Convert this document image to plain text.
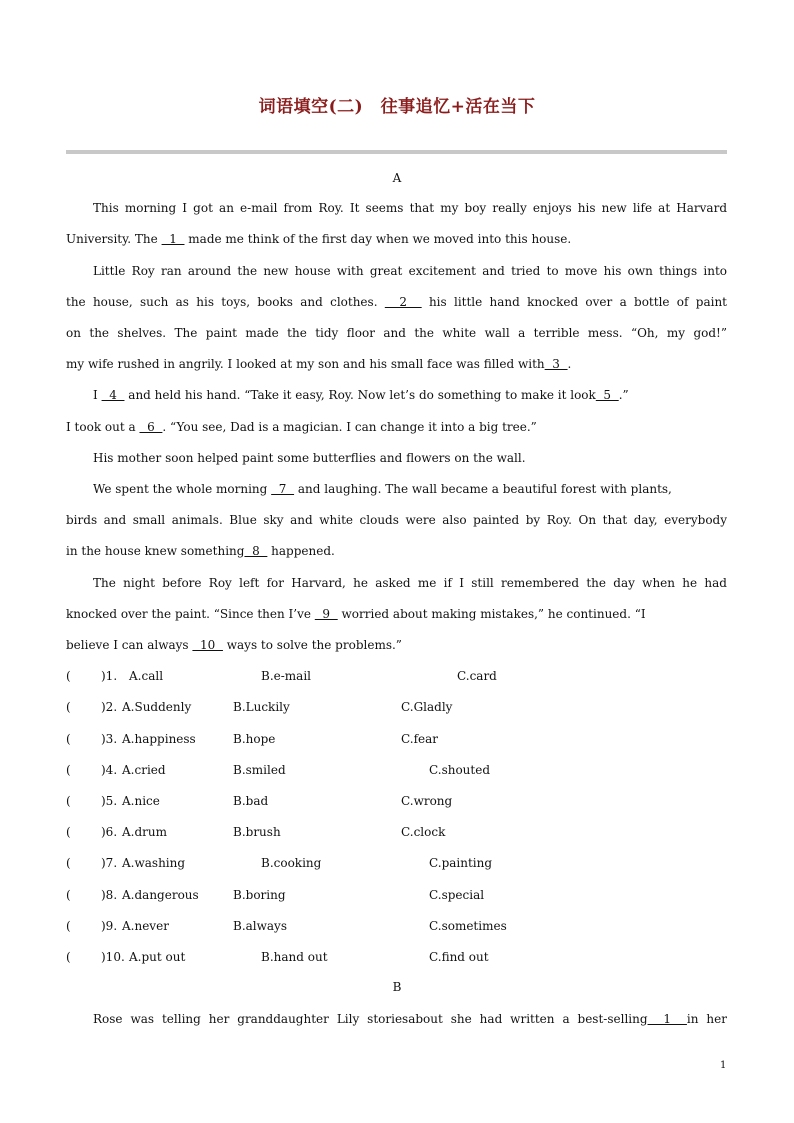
词语填空(二)　往事追忆+活在当下
A
This morning I got an e-mail from Roy. It seems that my boy really enjoys his new life at Harvard
University. The   1   made me think of the first day when we moved into this house.
Little Roy ran around the new house with great excitement and tried to move his own things into
the house, such as his toys, books and clothes.   2   his little hand knocked over a bottle of paint
on the shelves. The paint made the tidy floor and the white wall a terrible mess. “Oh, my god!”
my wife rushed in angrily. I looked at my son and his small face was filled with  3  .
I   4   and held his hand. “Take it easy, Roy. Now let’s do something to make it look  5  .”
I took out a   6  . “You see, Dad is a magician. I can change it into a big tree.”
His mother soon helped paint some butterflies and flowers on the wall.
We spent the whole morning   7   and laughing. The wall became a beautiful forest with plants,
birds and small animals. Blue sky and white clouds were also painted by Roy. On that day, everybody
in the house knew something  8   happened.
The night before Roy left for Harvard, he asked me if I still remembered the day when he had
knocked over the paint. “Since then I’ve   9   worried about making mistakes,” he continued. “I
believe I can always   10   ways to solve the problems.”
(	)1. A.call	B.e-mail	C.card
(	)2. A.Suddenly	B.Luckily	C.Gladly
(	)3. A.happiness	B.hope	C.fear
(	)4. A.cried	B.smiled	C.shouted
(	)5. A.nice	B.bad	C.wrong
(	)6. A.drum	B.brush	C.clock
(	)7. A.washing	B.cooking	C.painting
(	)8. A.dangerous	B.boring	C.special
(	)9. A.never	B.always	C.sometimes
(	)10. A.put out	B.hand out	C.find out
B
Rose was telling her granddaughter Lily storiesabout she had written a best-selling  1  in her
1
